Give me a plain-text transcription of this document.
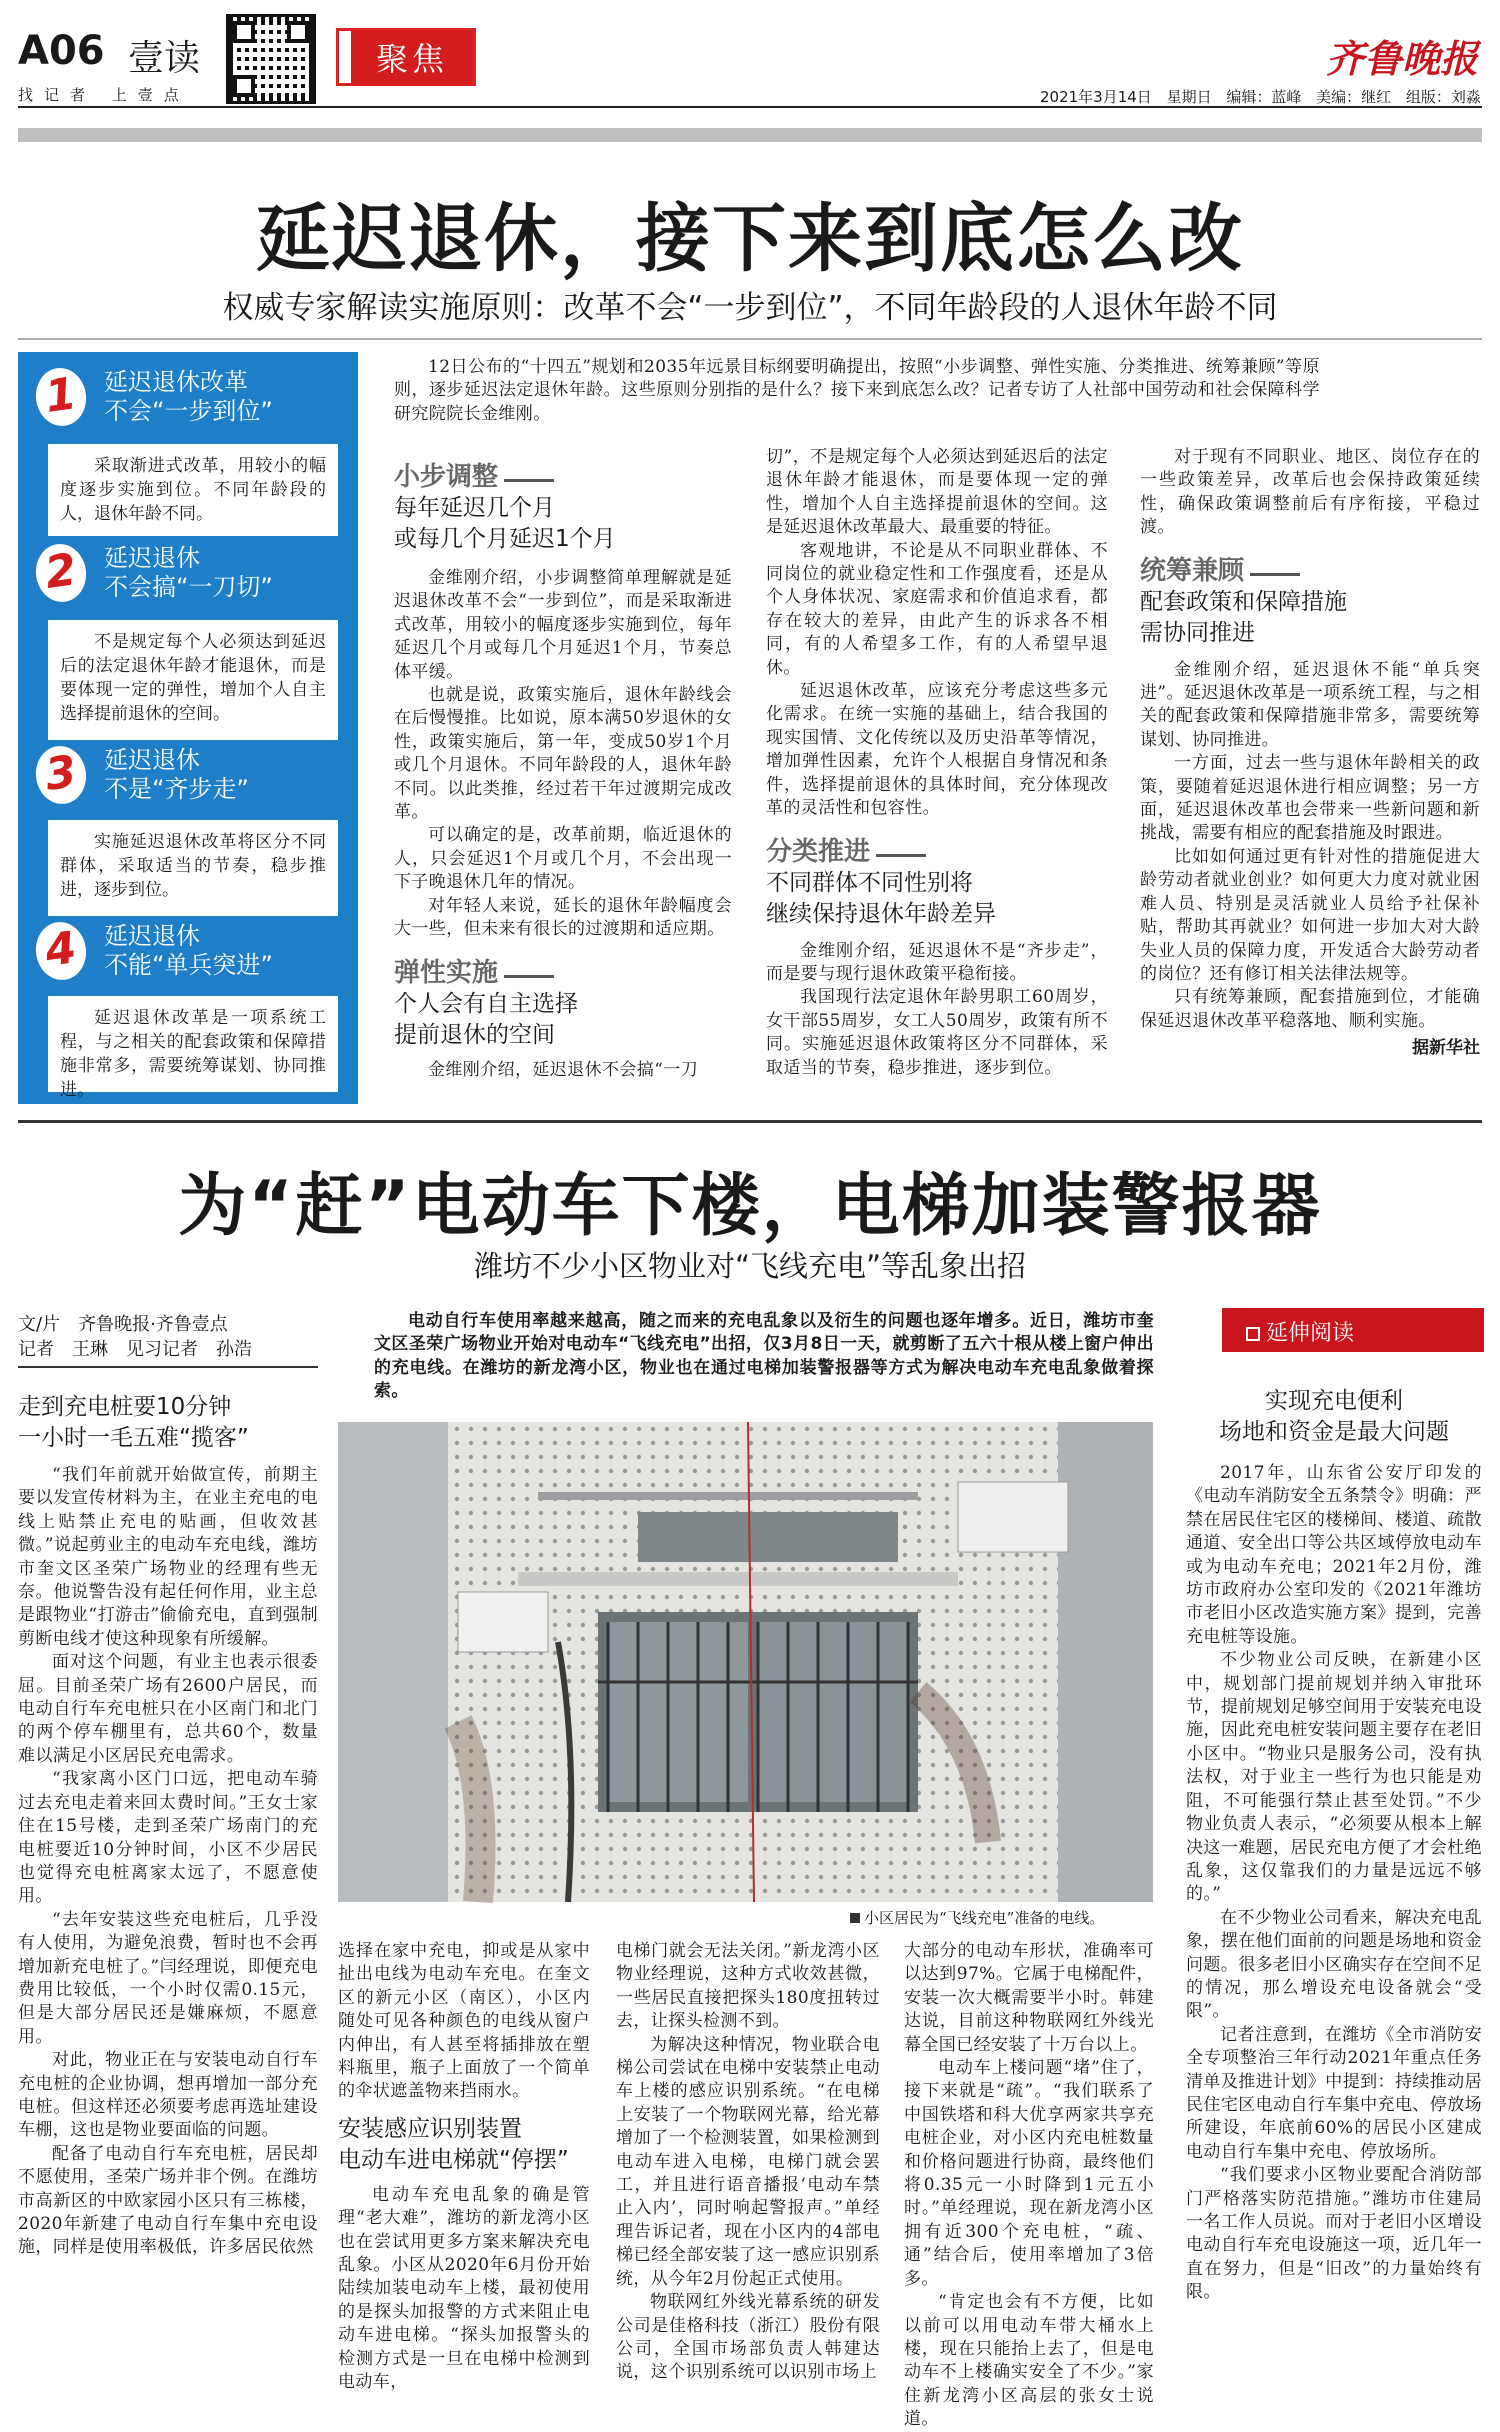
A06 壹读
找记者 上壹点
聚焦	齐鲁晚报
2021年3月14日 星期日 编辑：蓝峰 美编：继红 组版：刘淼
延迟退休，接下来到底怎么改
权威专家解读实施原则：改革不会“一步到位”，不同年龄段的人退休年龄不同
1	延迟退休改革
不会“一步到位”
采取渐进式改革，用较小的幅度逐步实施到位。不同年龄段的人，退休年龄不同。
2	延迟退休
不会搞“一刀切”
不是规定每个人必须达到延迟后的法定退休年龄才能退休，而是要体现一定的弹性，增加个人自主选择提前退休的空间。
3	延迟退休
不是“齐步走”
实施延迟退休改革将区分不同群体，采取适当的节奏，稳步推进，逐步到位。
4	延迟退休
不能“单兵突进”
延迟退休改革是一项系统工程，与之相关的配套政策和保障措施非常多，需要统筹谋划、协同推进。

12日公布的“十四五”规划和2035年远景目标纲要明确提出，按照“小步调整、弹性实施、分类推进、统筹兼顾”等原则，逐步延迟法定退休年龄。这些原则分别指的是什么？接下来到底怎么改？记者专访了人社部中国劳动和社会保障科学研究院院长金维刚。

小步调整
每年延迟几个月
或每几个月延迟1个月

金维刚介绍，小步调整简单理解就是延迟退休改革不会“一步到位”，而是采取渐进式改革，用较小的幅度逐步实施到位，每年延迟几个月或每几个月延迟1个月，节奏总体平缓。

也就是说，政策实施后，退休年龄线会在后慢慢推。比如说，原本满50岁退休的女性，政策实施后，第一年，变成50岁1个月或几个月退休。不同年龄段的人，退休年龄不同。以此类推，经过若干年过渡期完成改革。

可以确定的是，改革前期，临近退休的人，只会延迟1个月或几个月，不会出现一下子晚退休几年的情况。

对年轻人来说，延长的退休年龄幅度会大一些，但未来有很长的过渡期和适应期。

弹性实施
个人会有自主选择
提前退休的空间

金维刚介绍，延迟退休不会搞“一刀

切”，不是规定每个人必须达到延迟后的法定退休年龄才能退休，而是要体现一定的弹性，增加个人自主选择提前退休的空间。这是延迟退休改革最大、最重要的特征。

客观地讲，不论是从不同职业群体、不同岗位的就业稳定性和工作强度看，还是从个人身体状况、家庭需求和价值追求看，都存在较大的差异，由此产生的诉求各不相同，有的人希望多工作，有的人希望早退休。

延迟退休改革，应该充分考虑这些多元化需求。在统一实施的基础上，结合我国的现实国情、文化传统以及历史沿革等情况，增加弹性因素，允许个人根据自身情况和条件，选择提前退休的具体时间，充分体现改革的灵活性和包容性。

分类推进
不同群体不同性别将
继续保持退休年龄差异

金维刚介绍，延迟退休不是“齐步走”，而是要与现行退休政策平稳衔接。

我国现行法定退休年龄男职工60周岁，女干部55周岁，女工人50周岁，政策有所不同。实施延迟退休政策将区分不同群体，采取适当的节奏，稳步推进，逐步到位。

对于现有不同职业、地区、岗位存在的一些政策差异，改革后也会保持政策延续性，确保政策调整前后有序衔接，平稳过渡。

统筹兼顾
配套政策和保障措施
需协同推进

金维刚介绍，延迟退休不能“单兵突进”。延迟退休改革是一项系统工程，与之相关的配套政策和保障措施非常多，需要统筹谋划、协同推进。

一方面，过去一些与退休年龄相关的政策，要随着延迟退休进行相应调整；另一方面，延迟退休改革也会带来一些新问题和新挑战，需要有相应的配套措施及时跟进。

比如如何通过更有针对性的措施促进大龄劳动者就业创业？如何更大力度对就业困难人员、特别是灵活就业人员给予社保补贴，帮助其再就业？如何进一步加大对大龄失业人员的保障力度，开发适合大龄劳动者的岗位？还有修订相关法律法规等。

只有统筹兼顾，配套措施到位，才能确保延迟退休改革平稳落地、顺利实施。

据新华社
为“赶”电动车下楼，电梯加装警报器
潍坊不少小区物业对“飞线充电”等乱象出招
文/片　齐鲁晚报·齐鲁壹点
记者　王琳　见习记者　孙浩

电动自行车使用率越来越高，随之而来的充电乱象以及衍生的问题也逐年增多。近日，潍坊市奎文区圣荣广场物业开始对电动车“飞线充电”出招，仅3月8日一天，就剪断了五六十根从楼上窗户伸出的充电线。在潍坊的新龙湾小区，物业也在通过电梯加装警报器等方式为解决电动车充电乱象做着探索。

延伸阅读
走到充电桩要10分钟
一小时一毛五难“揽客”

“我们年前就开始做宣传，前期主要以发宣传材料为主，在业主充电的电线上贴禁止充电的贴画，但收效甚微。”说起剪业主的电动车充电线，潍坊市奎文区圣荣广场物业的经理有些无奈。他说警告没有起任何作用，业主总是跟物业“打游击”偷偷充电，直到强制剪断电线才使这种现象有所缓解。

面对这个问题，有业主也表示很委屈。目前圣荣广场有2600户居民，而电动自行车充电桩只在小区南门和北门的两个停车棚里有，总共60个，数量难以满足小区居民充电需求。

“我家离小区门口远，把电动车骑过去充电走着来回太费时间。”王女士家住在15号楼，走到圣荣广场南门的充电桩要近10分钟时间，小区不少居民也觉得充电桩离家太远了，不愿意使用。

“去年安装这些充电桩后，几乎没有人使用，为避免浪费，暂时也不会再增加新充电桩了。”闫经理说，即便充电费用比较低，一个小时仅需0.15元，但是大部分居民还是嫌麻烦，不愿意用。

对此，物业正在与安装电动自行车充电桩的企业协调，想再增加一部分充电桩。但这样还必须要考虑再选址建设车棚，这也是物业要面临的问题。

配备了电动自行车充电桩，居民却不愿使用，圣荣广场并非个例。在潍坊市高新区的中欧家园小区只有三栋楼，2020年新建了电动自行车集中充电设施，同样是使用率极低，许多居民依然

小区居民为“飞线充电”准备的电线。

选择在家中充电，抑或是从家中扯出电线为电动车充电。在奎文区的新元小区（南区），小区内随处可见各种颜色的电线从窗户内伸出，有人甚至将插排放在塑料瓶里，瓶子上面放了一个简单的伞状遮盖物来挡雨水。

安装感应识别装置
电动车进电梯就“停摆”

电动车充电乱象的确是管理“老大难”，潍坊的新龙湾小区也在尝试用更多方案来解决充电乱象。小区从2020年6月份开始陆续加装电动车上楼，最初使用的是探头加报警的方式来阻止电动车进电梯。“探头加报警头的检测方式是一旦在电梯中检测到电动车，

电梯门就会无法关闭。”新龙湾小区物业经理说，这种方式收效甚微，一些居民直接把探头180度扭转过去，让探头检测不到。

为解决这种情况，物业联合电梯公司尝试在电梯中安装禁止电动车上楼的感应识别系统。“在电梯上安装了一个物联网光幕，给光幕增加了一个检测装置，如果检测到电动车进入电梯，电梯门就会罢工，并且进行语音播报‘电动车禁止入内’，同时响起警报声。”单经理告诉记者，现在小区内的4部电梯已经全部安装了这一感应识别系统，从今年2月份起正式使用。

物联网红外线光幕系统的研发公司是佳格科技（浙江）股份有限公司，全国市场部负责人韩建达说，这个识别系统可以识别市场上

大部分的电动车形状，准确率可以达到97%。它属于电梯配件，安装一次大概需要半小时。韩建达说，目前这种物联网红外线光幕全国已经安装了十万台以上。

电动车上楼问题“堵”住了，接下来就是“疏”。“我们联系了中国铁塔和科大优享两家共享充电桩企业，对小区内充电桩数量和价格问题进行协商，最终他们将0.35元一小时降到1元五小时。”单经理说，现在新龙湾小区拥有近300个充电桩，“疏、通”结合后，使用率增加了3倍多。

“肯定也会有不方便，比如以前可以用电动车带大桶水上楼，现在只能抬上去了，但是电动车不上楼确实安全了不少。”家住新龙湾小区高层的张女士说道。

实现充电便利
场地和资金是最大问题

2017年，山东省公安厅印发的《电动车消防安全五条禁令》明确：严禁在居民住宅区的楼梯间、楼道、疏散通道、安全出口等公共区域停放电动车或为电动车充电；2021年2月份，潍坊市政府办公室印发的《2021年潍坊市老旧小区改造实施方案》提到，完善充电桩等设施。

不少物业公司反映，在新建小区中，规划部门提前规划并纳入审批环节，提前规划足够空间用于安装充电设施，因此充电桩安装问题主要存在老旧小区中。“物业只是服务公司，没有执法权，对于业主一些行为也只能是劝阻，不可能强行禁止甚至处罚。”不少物业负责人表示，“必须要从根本上解决这一难题，居民充电方便了才会杜绝乱象，这仅靠我们的力量是远远不够的。”

在不少物业公司看来，解决充电乱象，摆在他们面前的问题是场地和资金问题。很多老旧小区确实存在空间不足的情况，那么增设充电设备就会“受限”。

记者注意到，在潍坊《全市消防安全专项整治三年行动2021年重点任务清单及推进计划》中提到：持续推动居民住宅区电动自行车集中充电、停放场所建设，年底前60%的居民小区建成电动自行车集中充电、停放场所。

“我们要求小区物业要配合消防部门严格落实防范措施。”潍坊市住建局一名工作人员说。而对于老旧小区增设电动自行车充电设施这一项，近几年一直在努力，但是“旧改”的力量始终有限。
